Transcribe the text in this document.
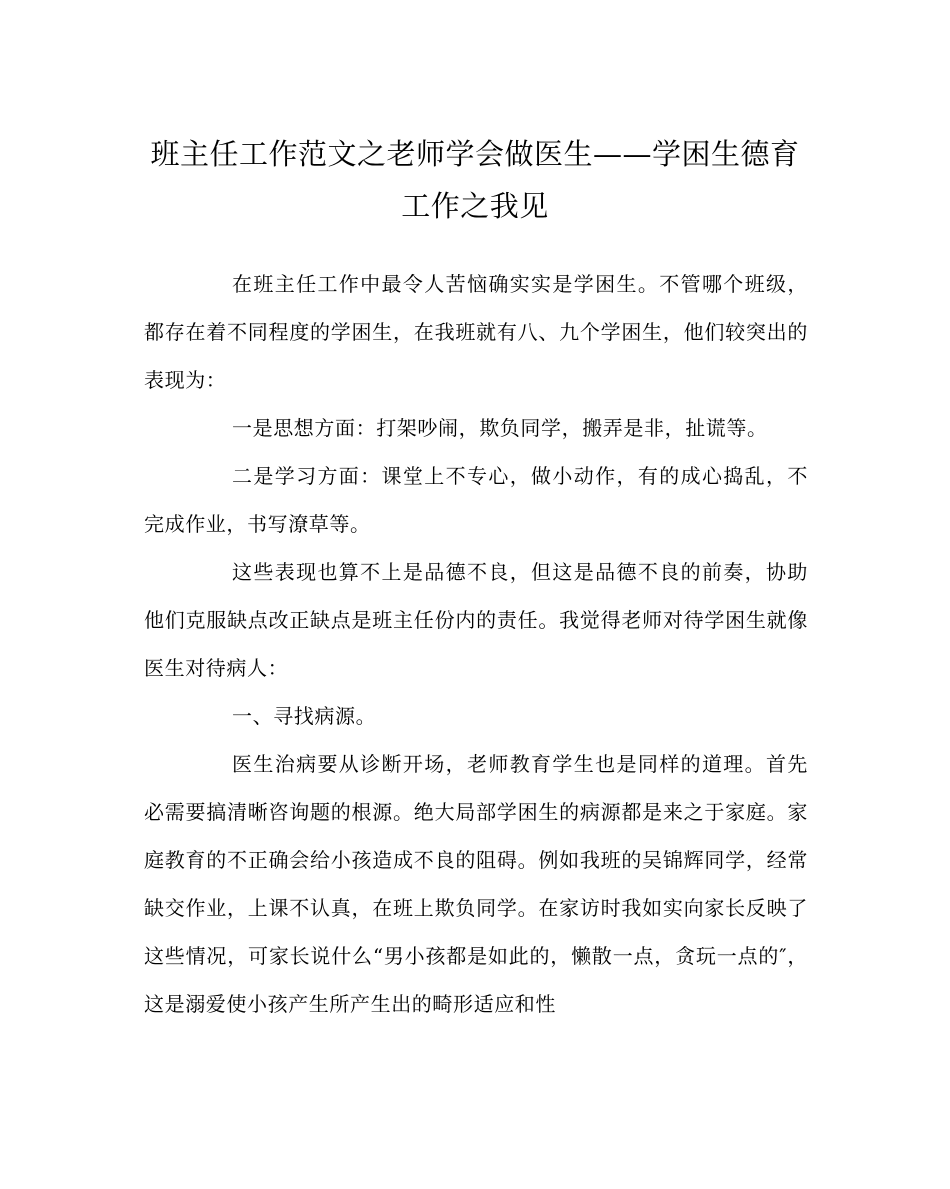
班主任工作范文之老师学会做医生——学困生德育工作之我见

在班主任工作中最令人苦恼确实实是学困生。不管哪个班级，都存在着不同程度的学困生，在我班就有八、九个学困生，他们较突出的表现为：

一是思想方面：打架吵闹，欺负同学，搬弄是非，扯谎等。

二是学习方面：课堂上不专心，做小动作，有的成心捣乱，不完成作业，书写潦草等。

这些表现也算不上是品德不良，但这是品德不良的前奏，协助他们克服缺点改正缺点是班主任份内的责任。我觉得老师对待学困生就像医生对待病人：

一、寻找病源。

医生治病要从诊断开场，老师教育学生也是同样的道理。首先必需要搞清晰咨询题的根源。绝大局部学困生的病源都是来之于家庭。家庭教育的不正确会给小孩造成不良的阻碍。例如我班的吴锦辉同学，经常缺交作业，上课不认真，在班上欺负同学。在家访时我如实向家长反映了这些情况，可家长说什么“男小孩都是如此的，懒散一点，贪玩一点的″，这是溺爱使小孩产生所产生出的畸形适应和性
